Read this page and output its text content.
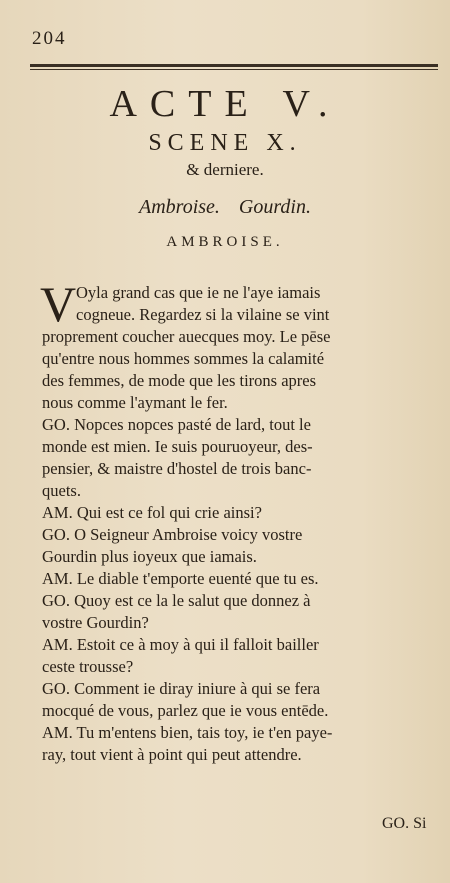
204
ACTE V.
SCENE X.
& derniere.
Ambroise. Gourdin.
AMBROISE.
V Oyla grand cas que ie ne l'aye iamais
cogneue. Regardez si la vilaine se vint
proprement coucher auecques moy. Le pēse
qu'entre nous hommes sommes la calamité
des femmes, de mode que les tirons apres
nous comme l'aymant le fer.
GO. Nopces nopces pasté de lard, tout le
monde est mien. Ie suis pouruoyeur, des-
pensier, & maistre d'hostel de trois banc-
quets.
AM. Qui est ce fol qui crie ainsi?
GO. O Seigneur Ambroise voicy vostre
Gourdin plus ioyeux que iamais.
AM. Le diable t'emporte euenté que tu es.
GO. Quoy est ce la le salut que donnez à
vostre Gourdin?
AM. Estoit ce à moy à qui il falloit bailler
ceste trousse?
GO. Comment ie diray iniure à qui se fera
mocqué de vous, parlez que ie vous entēde.
AM. Tu m'entens bien, tais toy, ie t'en paye-
ray, tout vient à point qui peut attendre.
GO. Si
